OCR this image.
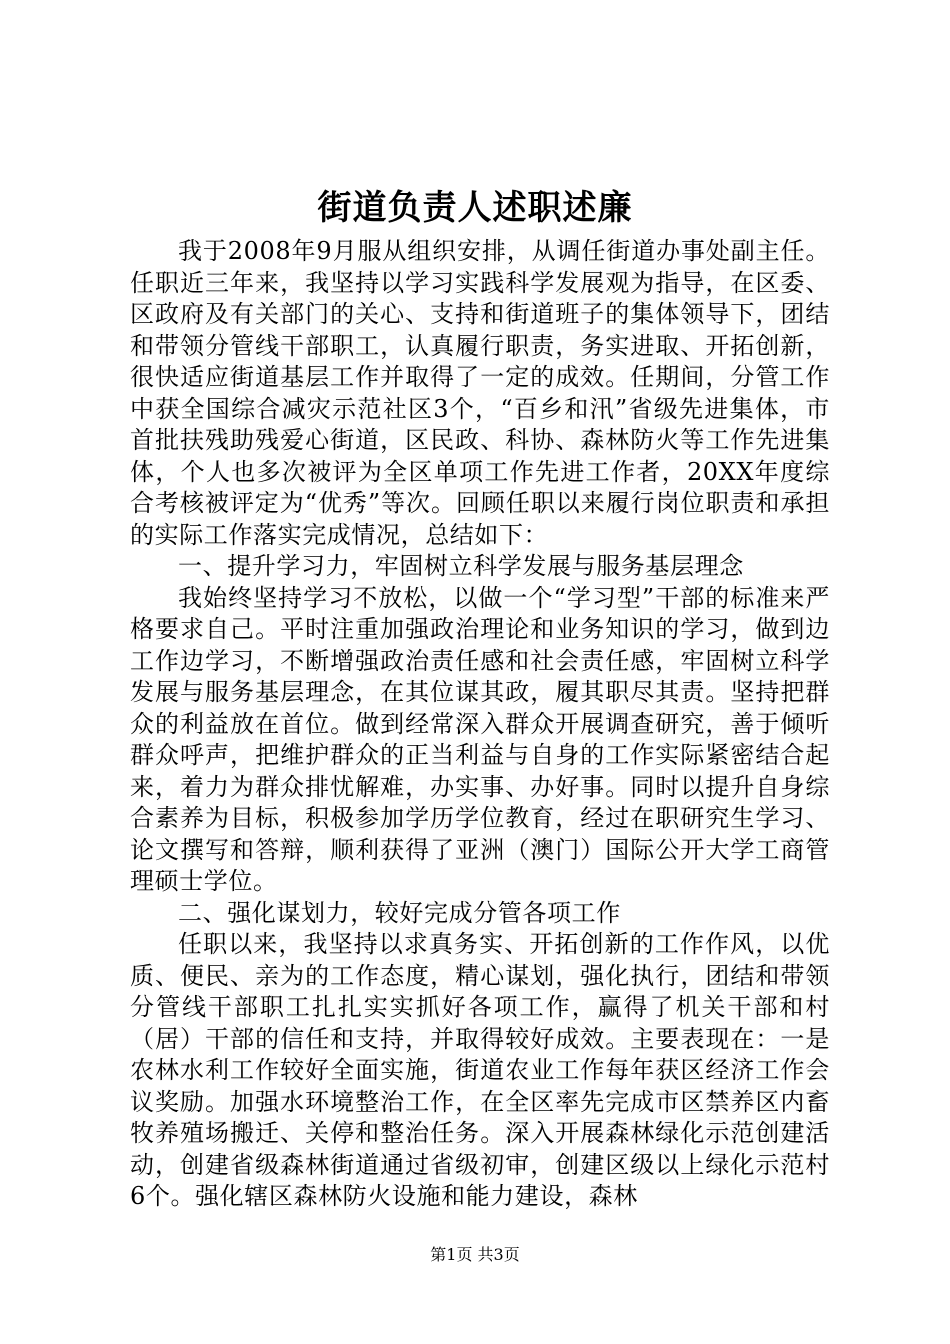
街道负责人述职述廉

我于2008年9月服从组织安排，从调任街道办事处副主任。任职近三年来，我坚持以学习实践科学发展观为指导，在区委、区政府及有关部门的关心、支持和街道班子的集体领导下，团结和带领分管线干部职工，认真履行职责，务实进取、开拓创新，很快适应街道基层工作并取得了一定的成效。任期间，分管工作中获全国综合减灾示范社区3个，“百乡和汛”省级先进集体，市首批扶残助残爱心街道，区民政、科协、森林防火等工作先进集体，个人也多次被评为全区单项工作先进工作者，20XX年度综合考核被评定为“优秀”等次。回顾任职以来履行岗位职责和承担的实际工作落实完成情况，总结如下：

一、提升学习力，牢固树立科学发展与服务基层理念

我始终坚持学习不放松，以做一个“学习型”干部的标准来严格要求自己。平时注重加强政治理论和业务知识的学习，做到边工作边学习，不断增强政治责任感和社会责任感，牢固树立科学发展与服务基层理念，在其位谋其政，履其职尽其责。坚持把群众的利益放在首位。做到经常深入群众开展调查研究，善于倾听群众呼声，把维护群众的正当利益与自身的工作实际紧密结合起来，着力为群众排忧解难，办实事、办好事。同时以提升自身综合素养为目标，积极参加学历学位教育，经过在职研究生学习、论文撰写和答辩，顺利获得了亚洲（澳门）国际公开大学工商管理硕士学位。

二、强化谋划力，较好完成分管各项工作

任职以来，我坚持以求真务实、开拓创新的工作作风，以优质、便民、亲为的工作态度，精心谋划，强化执行，团结和带领分管线干部职工扎扎实实抓好各项工作，赢得了机关干部和村（居）干部的信任和支持，并取得较好成效。主要表现在：一是农林水利工作较好全面实施，街道农业工作每年获区经济工作会议奖励。加强水环境整治工作，在全区率先完成市区禁养区内畜牧养殖场搬迁、关停和整治任务。深入开展森林绿化示范创建活动，创建省级森林街道通过省级初审，创建区级以上绿化示范村6个。强化辖区森林防火设施和能力建设，森林

第1页 共3页
